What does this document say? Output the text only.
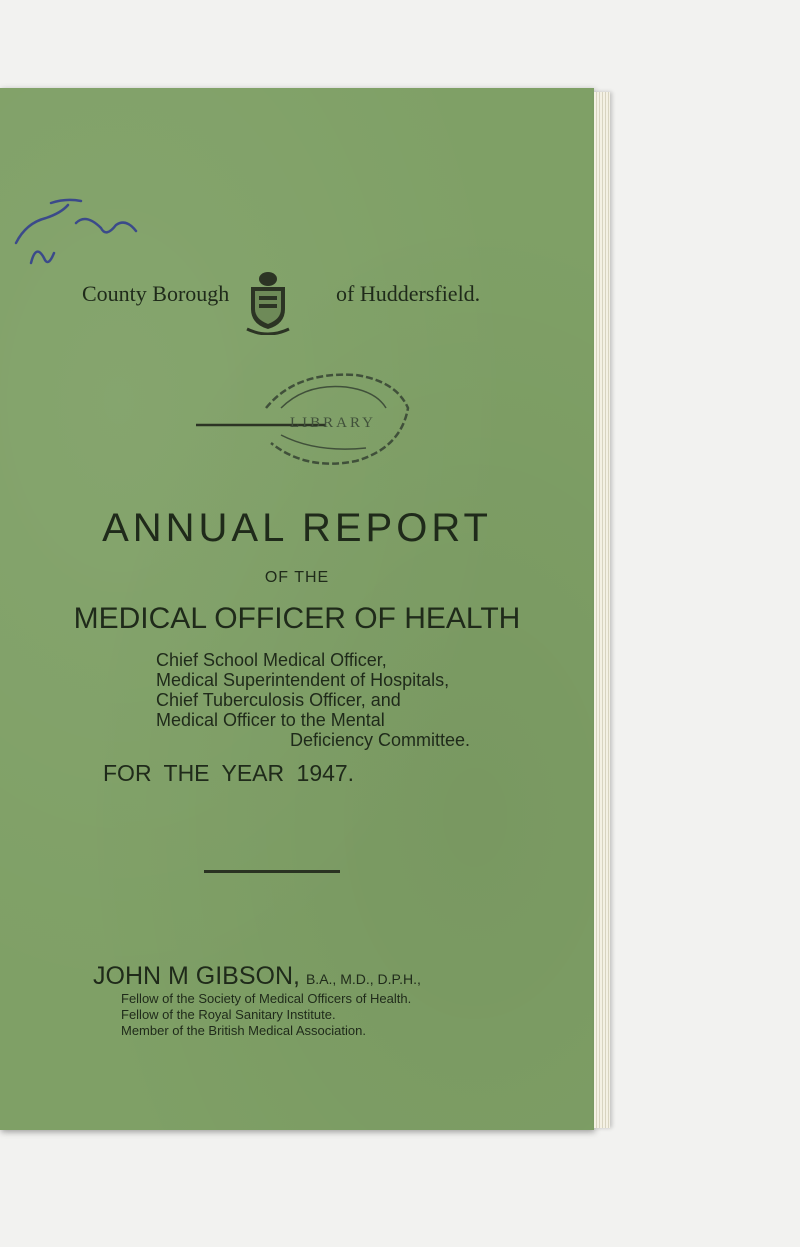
County Borough	of Huddersfield.
LIBRARY
ANNUAL REPORT
OF THE
MEDICAL OFFICER OF HEALTH
Chief School Medical Officer,
Medical Superintendent of Hospitals,
Chief Tuberculosis Officer, and
Medical Officer to the Mental
Deficiency Committee.
FOR THE YEAR 1947.
JOHN M GIBSON, B.A., M.D., D.P.H.,
Fellow of the Society of Medical Officers of Health.
Fellow of the Royal Sanitary Institute.
Member of the British Medical Association.
